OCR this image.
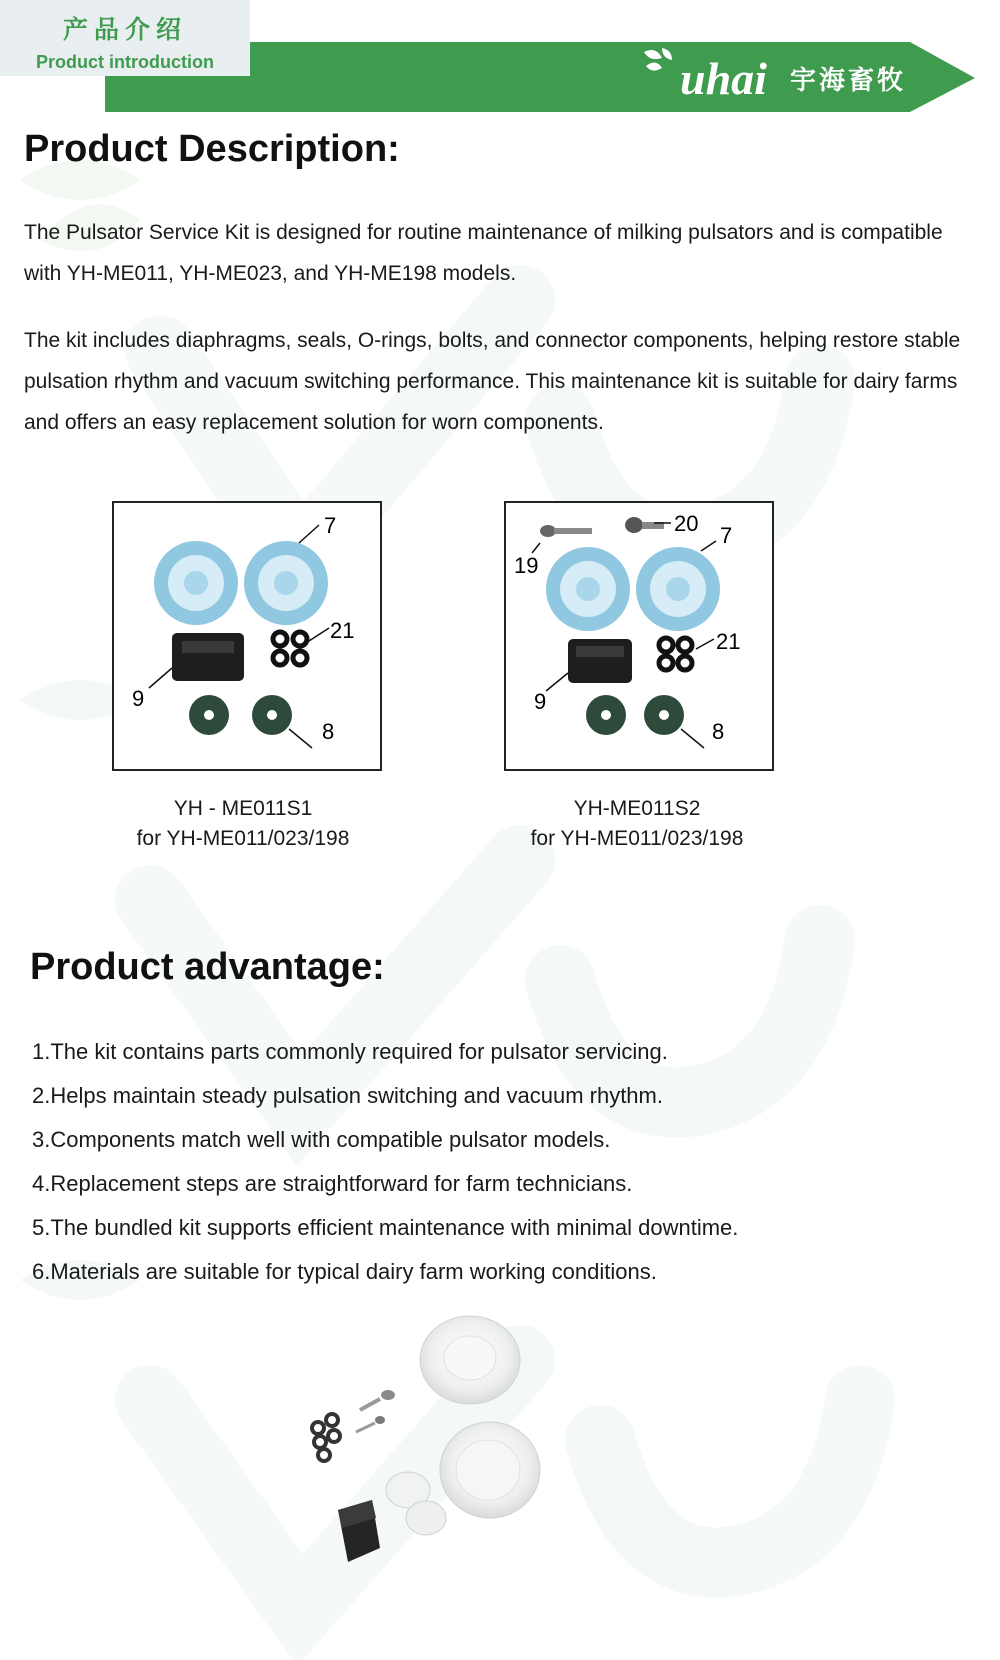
产品介绍
Product introduction	uhai 宇海畜牧
Product Description:

The Pulsator Service Kit is designed for routine maintenance of milking pulsators and is compatible with YH-ME011, YH-ME023, and YH-ME198 models.

The kit includes diaphragms, seals, O-rings, bolts, and connector components, helping restore stable pulsation rhythm and vacuum switching performance. This maintenance kit is suitable for dairy farms and offers an easy replacement solution for worn components.

7
21
9
8
YH - ME011S1
for YH-ME011/023/198
19
20 7
21
9
8
YH-ME011S2
for YH-ME011/023/198
Product advantage:
1.The kit contains parts commonly required for pulsator servicing.
2.Helps maintain steady pulsation switching and vacuum rhythm.
3.Components match well with compatible pulsator models.
4.Replacement steps are straightforward for farm technicians.
5.The bundled kit supports efficient maintenance with minimal downtime.
6.Materials are suitable for typical dairy farm working conditions.
